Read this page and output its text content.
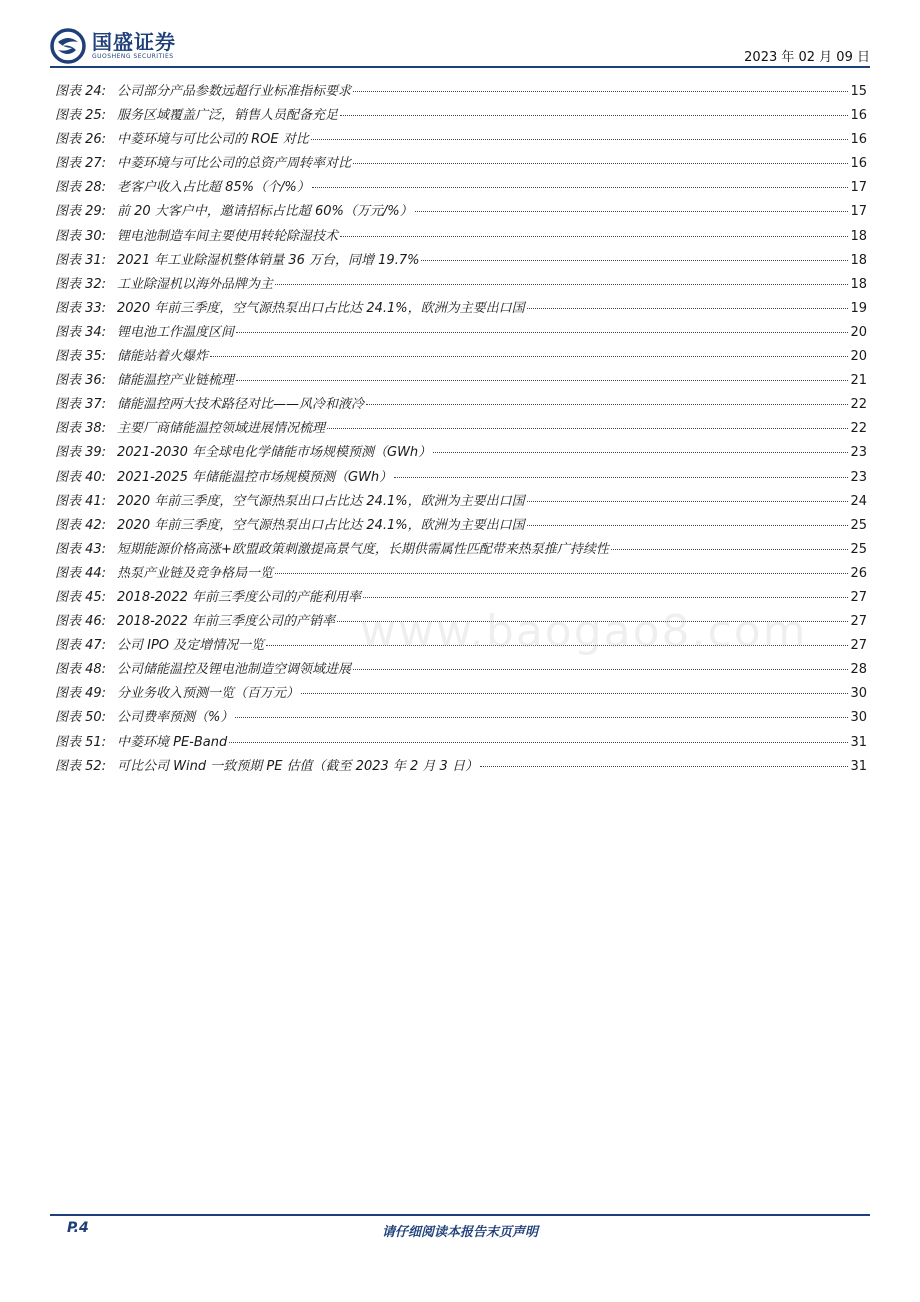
国盛证券
GUOSHENG SECURITIES	2023 年 02 月 09 日
图表 24: 公司部分产品参数远超行业标准指标要求	15
图表 25: 服务区域覆盖广泛，销售人员配备充足	16
图表 26: 中菱环境与可比公司的 ROE 对比	16
图表 27: 中菱环境与可比公司的总资产周转率对比	16
图表 28: 老客户收入占比超 85%（个/%）	17
图表 29: 前 20 大客户中，邀请招标占比超 60%（万元/%）	17
图表 30: 锂电池制造车间主要使用转轮除湿技术	18
图表 31: 2021 年工业除湿机整体销量 36 万台，同增 19.7%	18
图表 32: 工业除湿机以海外品牌为主	18
图表 33: 2020 年前三季度，空气源热泵出口占比达 24.1%，欧洲为主要出口国	19
图表 34: 锂电池工作温度区间	20
图表 35: 储能站着火爆炸	20
图表 36: 储能温控产业链梳理	21
图表 37: 储能温控两大技术路径对比——风冷和液冷	22
图表 38: 主要厂商储能温控领域进展情况梳理	22
图表 39: 2021-2030 年全球电化学储能市场规模预测（GWh）	23
图表 40: 2021-2025 年储能温控市场规模预测（GWh）	23
图表 41: 2020 年前三季度，空气源热泵出口占比达 24.1%，欧洲为主要出口国	24
图表 42: 2020 年前三季度，空气源热泵出口占比达 24.1%，欧洲为主要出口国	25
图表 43: 短期能源价格高涨+欧盟政策刺激提高景气度，长期供需属性匹配带来热泵推广持续性	25
图表 44: 热泵产业链及竞争格局一览	26
图表 45: 2018-2022 年前三季度公司的产能利用率	27
图表 46: 2018-2022 年前三季度公司的产销率	27
图表 47: 公司 IPO 及定增情况一览	27
图表 48: 公司储能温控及锂电池制造空调领域进展	28
图表 49: 分业务收入预测一览（百万元）	30
图表 50: 公司费率预测（%）	30
图表 51: 中菱环境 PE-Band	31
图表 52: 可比公司 Wind 一致预期 PE 估值（截至 2023 年 2 月 3 日）	31
www.baogao8.com
P.4	请仔细阅读本报告末页声明
